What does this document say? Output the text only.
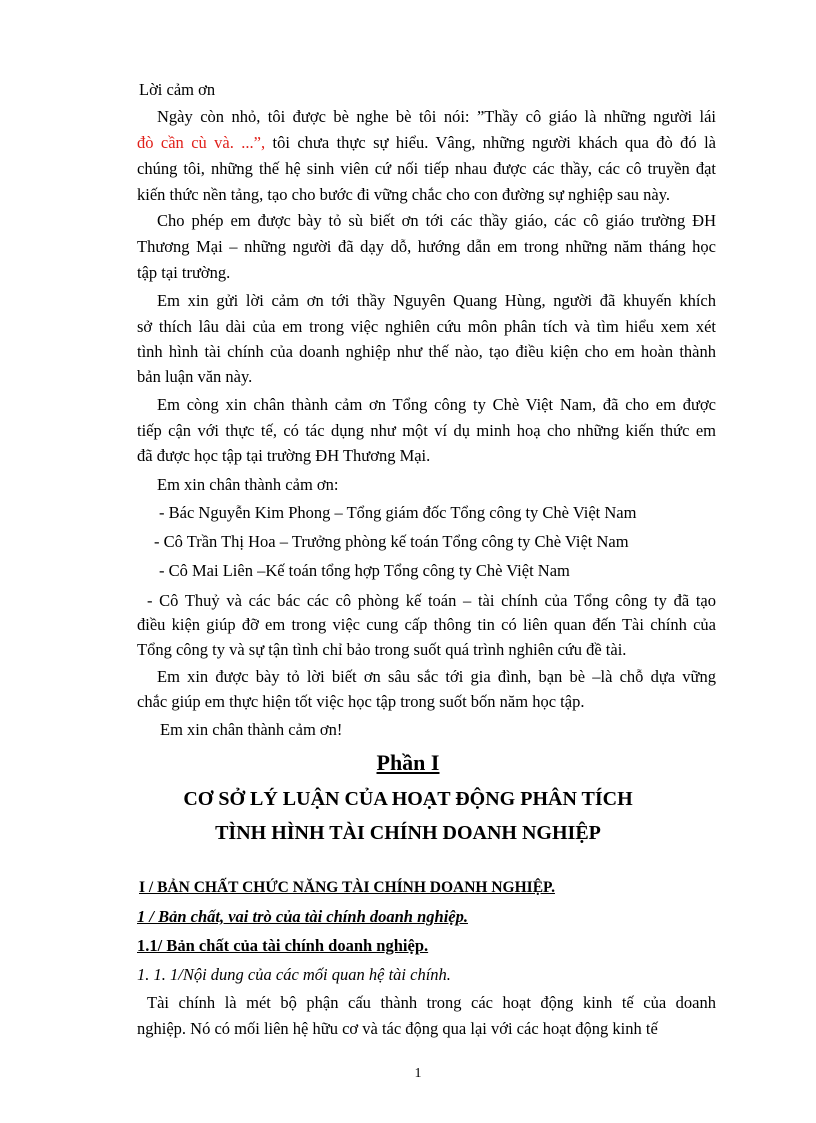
Lời cảm ơn
Ngày còn nhỏ, tôi được bè nghe bè tôi nói: ”Thầy cô giáo là những người lái
đò cần cù và. ...”, tôi chưa thực sự hiểu. Vâng, những người khách qua đò đó là
chúng tôi, những thế hệ sinh viên cứ nối tiếp nhau được các thầy, các cô truyền đạt
kiến thức nền tảng, tạo cho bước đi vững chắc cho con đường sự nghiệp sau này.
Cho phép em được bày tỏ sù biết ơn tới các thầy giáo, các cô giáo trường ĐH
Thương Mại – những người đã dạy dỗ, hướng dẫn em trong những năm tháng học
tập tại trường.
Em xin gửi lời cảm ơn tới thầy Nguyên Quang Hùng, người đã khuyến khích
sở thích lâu dài của em trong việc nghiên cứu môn phân tích và tìm hiểu xem xét
tình hình tài chính của doanh nghiệp như thế nào, tạo điều kiện cho em hoàn thành
bản luận văn này.
Em còng xin chân thành cảm ơn Tổng công ty Chè Việt Nam, đã cho em được
tiếp cận với thực tế, có tác dụng như một ví dụ minh hoạ cho những kiến thức em
đã được học tập tại trường ĐH Thương Mại.
Em xin chân thành cảm ơn:
- Bác Nguyễn Kim Phong – Tổng giám đốc Tổng công ty Chè Việt Nam
- Cô Trần Thị Hoa – Trưởng phòng kế toán Tổng công ty Chè Việt Nam
- Cô Mai Liên –Kế toán tổng hợp Tổng công ty Chè Việt Nam
- Cô Thuỷ và các bác các cô phòng kế toán – tài chính của Tổng công ty đã tạo
điều kiện giúp đỡ em trong việc cung cấp thông tin có liên quan đến Tài chính của
Tổng công ty và sự tận tình chỉ bảo trong suốt quá trình nghiên cứu đề tài.
Em xin được bày tỏ lời biết ơn sâu sắc tới gia đình, bạn bè –là chỗ dựa vững
chắc giúp em thực hiện tốt việc học tập trong suốt bốn năm học tập.
Em xin chân thành cảm ơn!
Phần I
CƠ SỞ LÝ LUẬN CỦA HOẠT ĐỘNG PHÂN TÍCH
TÌNH HÌNH TÀI CHÍNH DOANH NGHIỆP
I / BẢN CHẤT CHỨC NĂNG TÀI CHÍNH DOANH NGHIỆP.
1 / Bản chất, vai trò của tài chính doanh nghiệp.
1.1/ Bản chất của tài chính doanh nghiệp.
1. 1. 1/Nội dung của các mối quan hệ tài chính.
Tài chính là mét bộ phận cấu thành trong các hoạt động kinh tế của doanh
nghiệp. Nó có mối liên hệ hữu cơ và tác động qua lại với các hoạt động kinh tế
1
